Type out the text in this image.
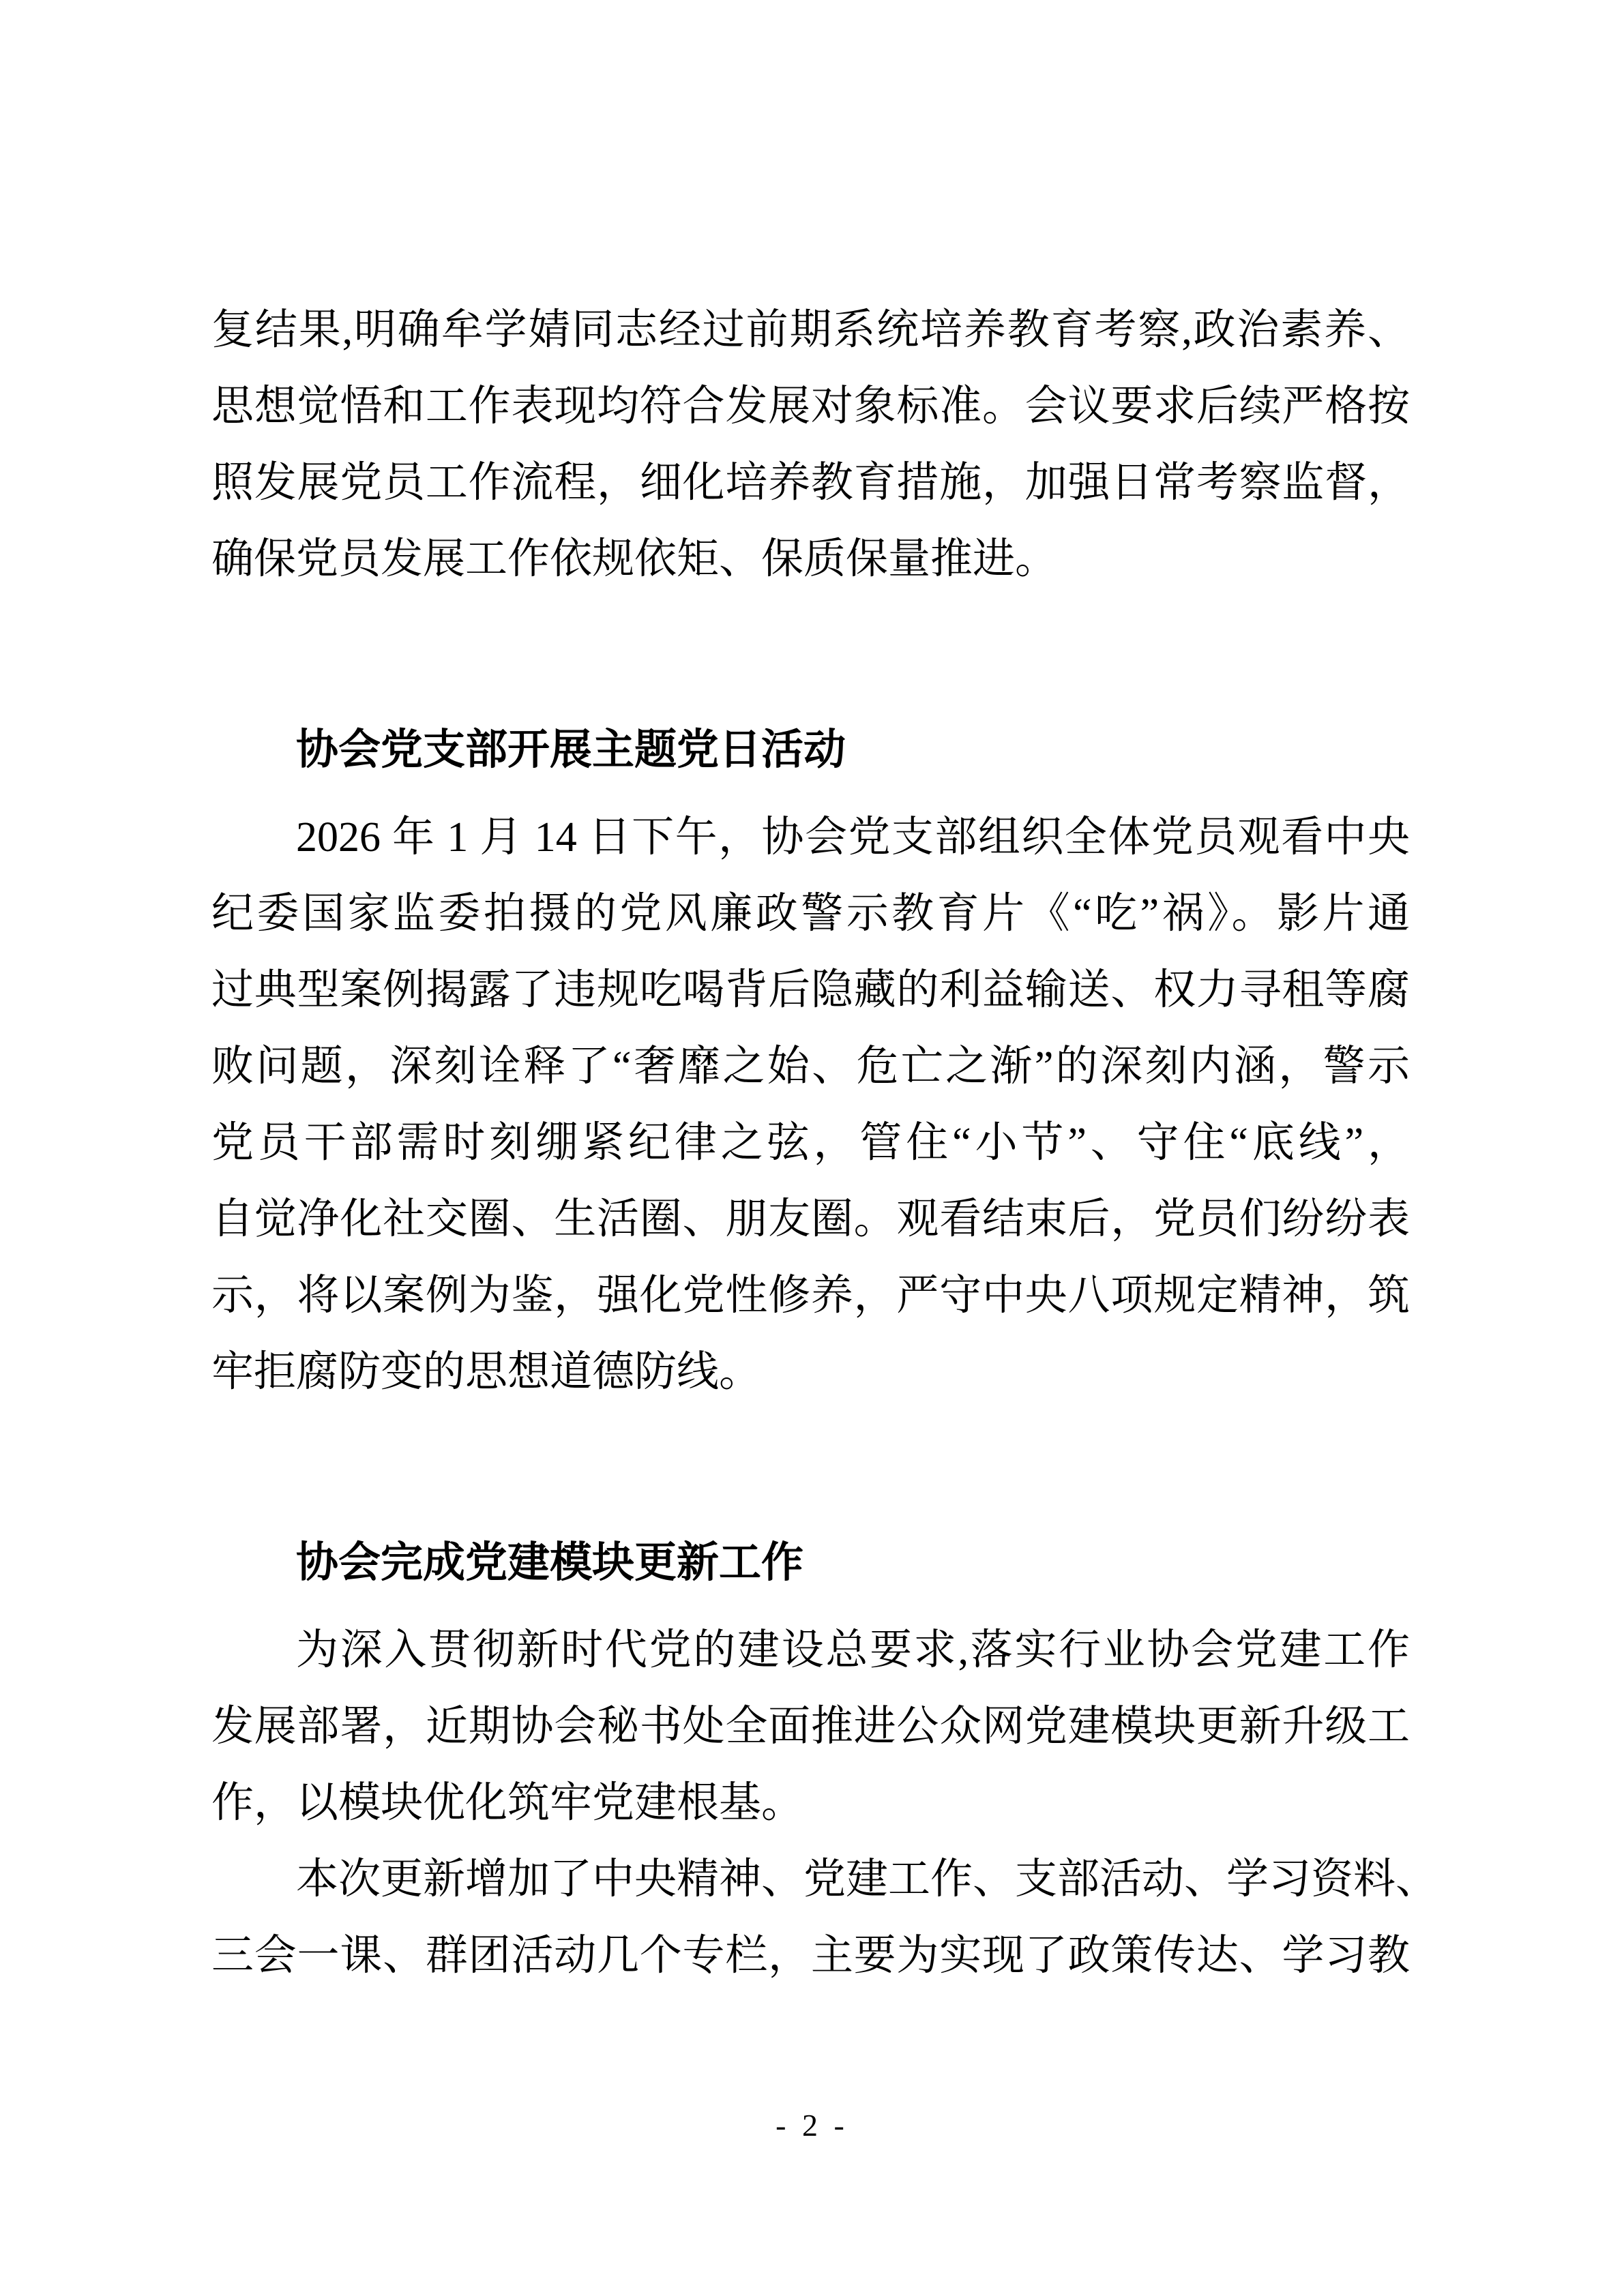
复结果,明确牟学婧同志经过前期系统培养教育考察,政治素养、

思想觉悟和工作表现均符合发展对象标准。会议要求后续严格按

照发展党员工作流程，细化培养教育措施，加强日常考察监督，

确保党员发展工作依规依矩、保质保量推进。

协会党支部开展主题党日活动

2026 年 1 月 14 日下午，协会党支部组织全体党员观看中央

纪委国家监委拍摄的党风廉政警示教育片《“吃”祸》。影片通

过典型案例揭露了违规吃喝背后隐藏的利益输送、权力寻租等腐

败问题，深刻诠释了“奢靡之始、危亡之渐”的深刻内涵，警示

党员干部需时刻绷紧纪律之弦，管住“小节”、守住“底线”，

自觉净化社交圈、生活圈、朋友圈。观看结束后，党员们纷纷表

示，将以案例为鉴，强化党性修养，严守中央八项规定精神，筑

牢拒腐防变的思想道德防线。

协会完成党建模块更新工作

为深入贯彻新时代党的建设总要求,落实行业协会党建工作

发展部署，近期协会秘书处全面推进公众网党建模块更新升级工

作，以模块优化筑牢党建根基。

本次更新增加了中央精神、党建工作、支部活动、学习资料、

三会一课、群团活动几个专栏，主要为实现了政策传达、学习教

- 2 -
